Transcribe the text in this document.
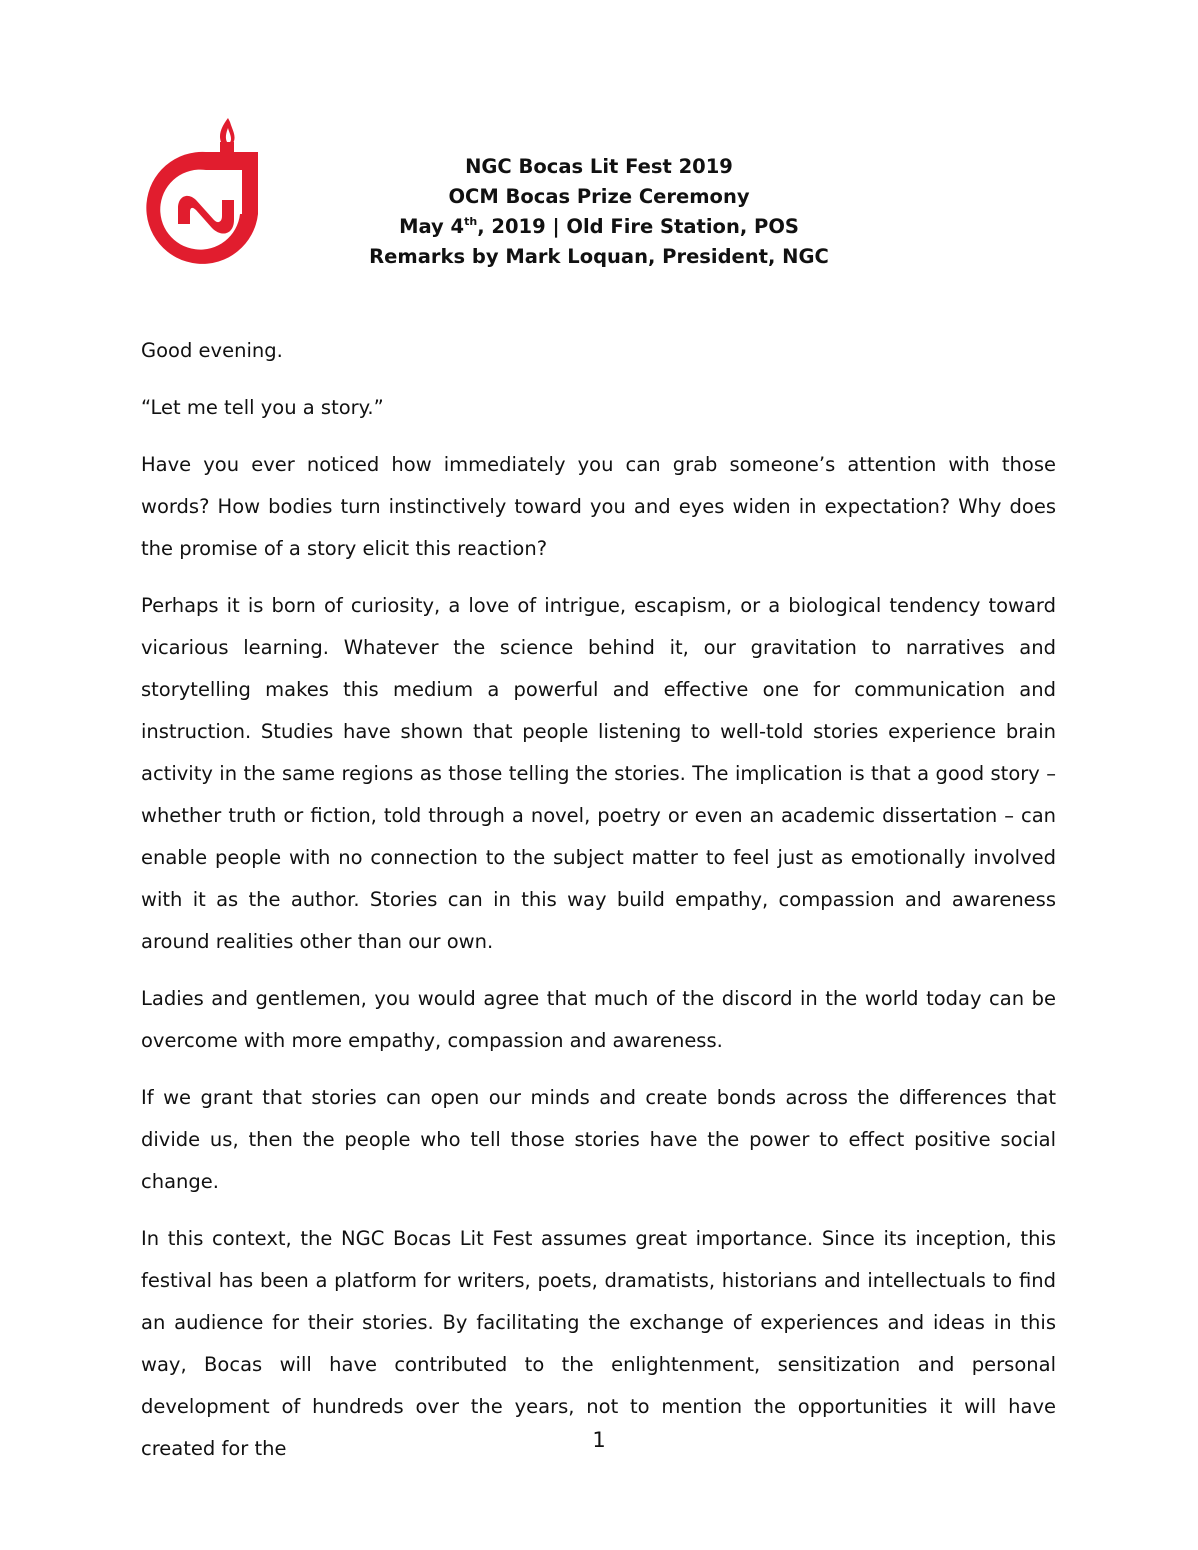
NGC Bocas Lit Fest 2019
OCM Bocas Prize Ceremony
May 4th, 2019 | Old Fire Station, POS
Remarks by Mark Loquan, President, NGC

Good evening.

“Let me tell you a story.”

Have you ever noticed how immediately you can grab someone’s attention with those words? How bodies turn instinctively toward you and eyes widen in expectation? Why does the promise of a story elicit this reaction?

Perhaps it is born of curiosity, a love of intrigue, escapism, or a biological tendency toward vicarious learning. Whatever the science behind it, our gravitation to narratives and storytelling makes this medium a powerful and effective one for communication and instruction. Studies have shown that people listening to well-told stories experience brain activity in the same regions as those telling the stories. The implication is that a good story – whether truth or fiction, told through a novel, poetry or even an academic dissertation – can enable people with no connection to the subject matter to feel just as emotionally involved with it as the author. Stories can in this way build empathy, compassion and awareness around realities other than our own.

Ladies and gentlemen, you would agree that much of the discord in the world today can be overcome with more empathy, compassion and awareness.

If we grant that stories can open our minds and create bonds across the differences that divide us, then the people who tell those stories have the power to effect positive social change.

In this context, the NGC Bocas Lit Fest assumes great importance. Since its inception, this festival has been a platform for writers, poets, dramatists, historians and intellectuals to find an audience for their stories. By facilitating the exchange of experiences and ideas in this way, Bocas will have contributed to the enlightenment, sensitization and personal development of hundreds over the years, not to mention the opportunities it will have created for the	1
